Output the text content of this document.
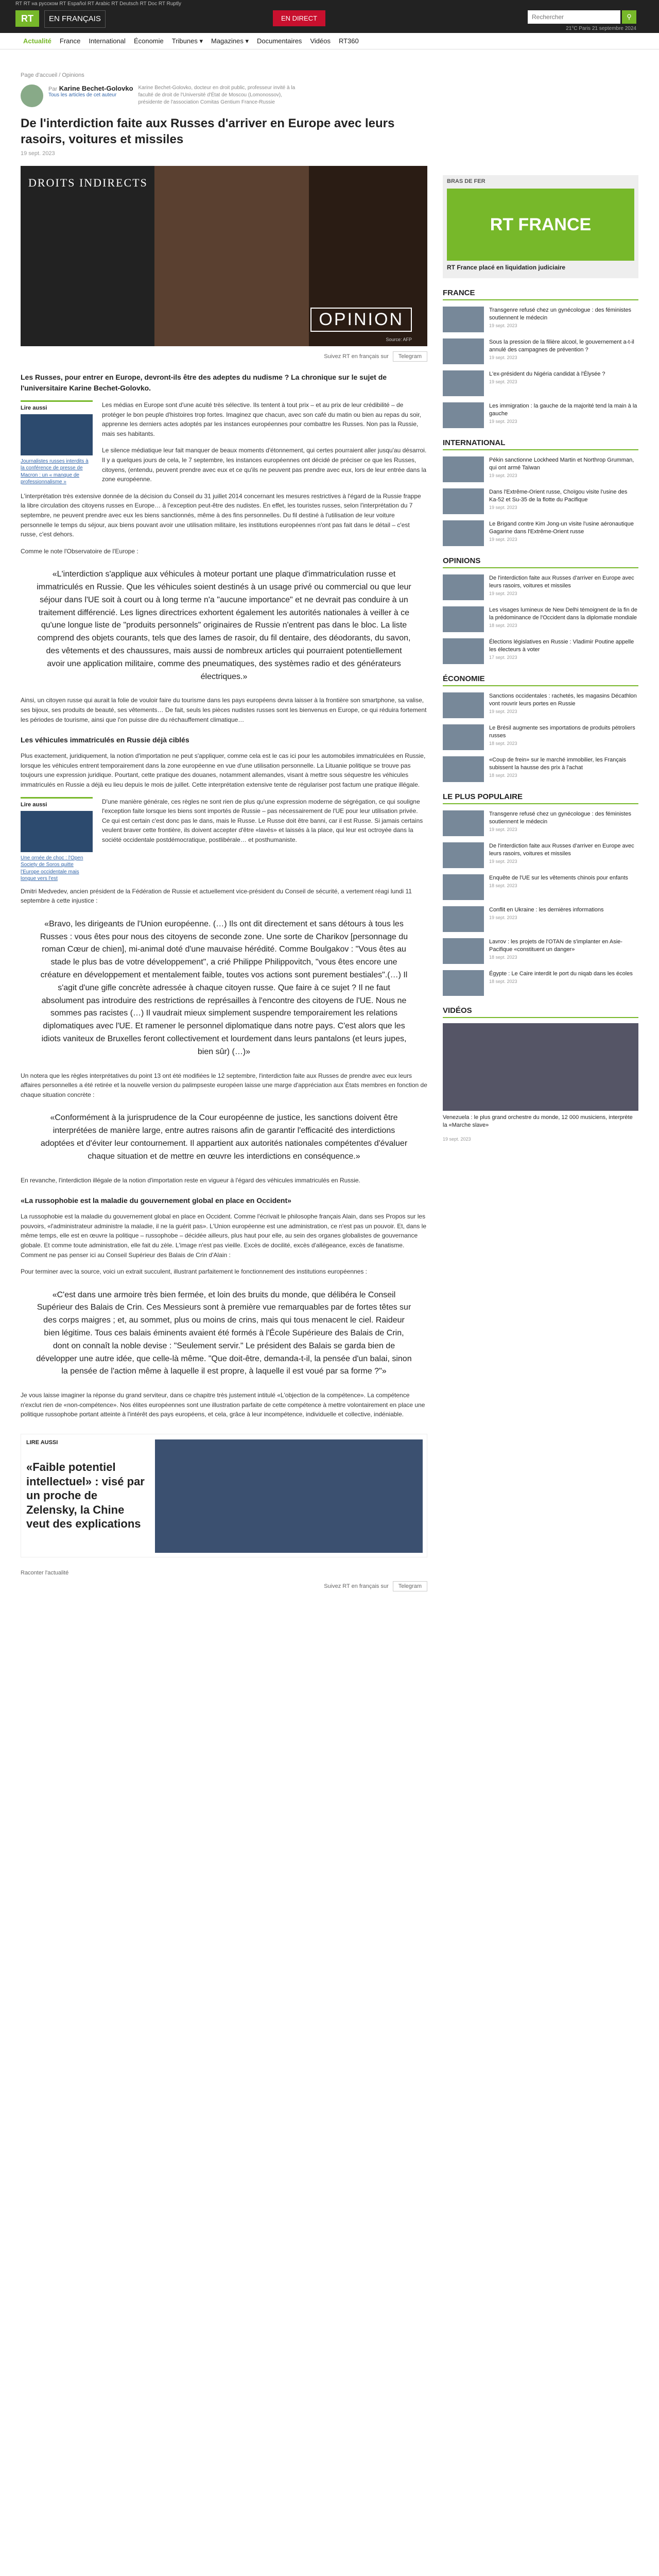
RT RT на русском RT Español RT Arabic RT Deutsch RT Doc RT Ruptly
RT	EN FRANÇAIS	EN DIRECT
Rechercher	⚲
21°C Paris 21 septembre 2024
Actualité France International Économie Tribunes ▾ Magazines ▾ Documentaires Vidéos RT360
Page d'accueil / Opinions
Par Karine Bechet-Golovko
Tous les articles de cet auteur
Karine Bechet-Golovko, docteur en droit public, professeur invité à la faculté de droit de l'Université d'État de Moscou (Lomonossov), présidente de l'association Comitas Gentium France-Russie
De l'interdiction faite aux Russes d'arriver en Europe avec leurs rasoirs, voitures et missiles
19 sept. 2023
DROITS INDIRECTS
OPINION
Source: AFP
Suivez RT en français sur	Telegram
Les Russes, pour entrer en Europe, devront-ils être des adeptes du nudisme ? La chronique sur le sujet de l'universitaire Karine Bechet-Golovko.
Lire aussi
Journalistes russes interdits à la conférence de presse de Macron : un « manque de professionnalisme »

Les médias en Europe sont d'une acuité très sélective. Ils tentent à tout prix – et au prix de leur crédibilité – de protéger le bon peuple d'histoires trop fortes. Imaginez que chacun, avec son café du matin ou bien au repas du soir, apprenne les derniers actes adoptés par les instances européennes pour combattre les Russes. Non pas la Russie, mais ses habitants.

Le silence médiatique leur fait manquer de beaux moments d'étonnement, qui certes pourraient aller jusqu'au désarroi. Il y a quelques jours de cela, le 7 septembre, les instances européennes ont décidé de préciser ce que les Russes, citoyens, (entendu, peuvent prendre avec eux et ce qu'ils ne peuvent pas prendre avec eux, lors de leur entrée dans la zone européenne.

L'interprétation très extensive donnée de la décision du Conseil du 31 juillet 2014 concernant les mesures restrictives à l'égard de la Russie frappe la libre circulation des citoyens russes en Europe… à l'exception peut-être des nudistes. En effet, les touristes russes, selon l'interprétation du 7 septembre, ne peuvent prendre avec eux les biens sanctionnés, même à des fins personnelles. Du fil destiné à l'utilisation de leur voiture personnelle le temps du séjour, aux biens pouvant avoir une utilisation militaire, les institutions européennes n'ont pas fait dans le détail – c'est russe, c'est dehors.

Comme le note l'Observatoire de l'Europe :

«L'interdiction s'applique aux véhicules à moteur portant une plaque d'immatriculation russe et immatriculés en Russie. Que les véhicules soient destinés à un usage privé ou commercial ou que leur séjour dans l'UE soit à court ou à long terme n'a "aucune importance" et ne devrait pas conduire à un traitement différencié. Les lignes directrices exhortent également les autorités nationales à veiller à ce qu'une longue liste de "produits personnels" originaires de Russie n'entrent pas dans le bloc. La liste comprend des objets courants, tels que des lames de rasoir, du fil dentaire, des déodorants, du savon, des vêtements et des chaussures, mais aussi de nombreux articles qui pourraient potentiellement avoir une application militaire, comme des pneumatiques, des systèmes radio et des générateurs électriques.»

Ainsi, un citoyen russe qui aurait la folie de vouloir faire du tourisme dans les pays européens devra laisser à la frontière son smartphone, sa valise, ses bijoux, ses produits de beauté, ses vêtements… De fait, seuls les pièces nudistes russes sont les bienvenus en Europe, ce qui réduira fortement les périodes de tourisme, ainsi que l'on puisse dire du réchauffement climatique…

Les véhicules immatriculés en Russie déjà ciblés

Plus exactement, juridiquement, la notion d'importation ne peut s'appliquer, comme cela est le cas ici pour les automobiles immatriculées en Russie, lorsque les véhicules entrent temporairement dans la zone européenne en vue d'une utilisation personnelle. La Lituanie politique se trouve pas toujours une expression juridique. Pourtant, cette pratique des douanes, notamment allemandes, visant à mettre sous séquestre les véhicules immatriculés en Russie a déjà eu lieu depuis le mois de juillet. Cette interprétation extensive tente de régulariser post factum une pratique illégale.

Lire aussi
Une ornée de choc : l'Open Society de Soros quitte l'Europe occidentale mais longue vers l'est

D'une manière générale, ces règles ne sont rien de plus qu'une expression moderne de ségrégation, ce qui souligne l'exception faite lorsque les biens sont importés de Russie – pas nécessairement de l'UE pour leur utilisation privée. Ce qui est certain c'est donc pas le dans, mais le Russe. Le Russe doit être banni, car il est Russe. Si jamais certains veulent braver cette frontière, ils doivent accepter d'être «lavés» et laissés à la place, qui leur est octroyée dans la société occidentale postdémocratique, postlibérale… et posthumaniste.

Dmitri Medvedev, ancien président de la Fédération de Russie et actuellement vice-président du Conseil de sécurité, a vertement réagi lundi 11 septembre à cette injustice :

«Bravo, les dirigeants de l'Union européenne. (…) Ils ont dit directement et sans détours à tous les Russes : vous êtes pour nous des citoyens de seconde zone. Une sorte de Charikov [personnage du roman Cœur de chien], mi-animal doté d'une mauvaise hérédité. Comme Boulgakov : "Vous êtes au stade le plus bas de votre développement", a crié Philippe Philippovitch, "vous êtes encore une créature en développement et mentalement faible, toutes vos actions sont purement bestiales".(…) Il s'agit d'une gifle concrète adressée à chaque citoyen russe. Que faire à ce sujet ? Il ne faut absolument pas introduire des restrictions de représailles à l'encontre des citoyens de l'UE. Nous ne sommes pas racistes (…) Il vaudrait mieux simplement suspendre temporairement les relations diplomatiques avec l'UE. Et ramener le personnel diplomatique dans notre pays. C'est alors que les idiots vaniteux de Bruxelles feront collectivement et lourdement dans leurs pantalons (et leurs jupes, bien sûr) (…)»

Un notera que les règles interprétatives du point 13 ont été modifiées le 12 septembre, l'interdiction faite aux Russes de prendre avec eux leurs affaires personnelles a été retirée et la nouvelle version du palimpseste européen laisse une marge d'appréciation aux États membres en fonction de chaque situation concrète :

«Conformément à la jurisprudence de la Cour européenne de justice, les sanctions doivent être interprétées de manière large, entre autres raisons afin de garantir l'efficacité des interdictions adoptées et d'éviter leur contournement. Il appartient aux autorités nationales compétentes d'évaluer chaque situation et de mettre en œuvre les interdictions en conséquence.»

En revanche, l'interdiction illégale de la notion d'importation reste en vigueur à l'égard des véhicules immatriculés en Russie.

«La russophobie est la maladie du gouvernement global en place en Occident»

La russophobie est la maladie du gouvernement global en place en Occident. Comme l'écrivait le philosophe français Alain, dans ses Propos sur les pouvoirs, «l'administrateur administre la maladie, il ne la guérit pas». L'Union européenne est une administration, ce n'est pas un pouvoir. Et, dans le même temps, elle est en œuvre la politique – russophobe – décidée ailleurs, plus haut pour elle, au sein des organes globalistes de gouvernance globale. Et comme toute administration, elle fait du zèle. L'image n'est pas vieille. Excès de docilité, excès d'allégeance, excès de fanatisme. Comment ne pas penser ici au Conseil Supérieur des Balais de Crin d'Alain :

Pour terminer avec la source, voici un extrait succulent, illustrant parfaitement le fonctionnement des institutions européennes :

«C'est dans une armoire très bien fermée, et loin des bruits du monde, que délibéra le Conseil Supérieur des Balais de Crin. Ces Messieurs sont à première vue remarquables par de fortes têtes sur des corps maigres ; et, au sommet, plus ou moins de crins, mais qui tous menacent le ciel. Raideur bien légitime. Tous ces balais éminents avaient été formés à l'École Supérieure des Balais de Crin, dont on connaît la noble devise : "Seulement servir." Le président des Balais se garda bien de développer une autre idée, que celle-là même. "Que doit-être, demanda-t-il, la pensée d'un balai, sinon la pensée de l'action même à laquelle il est propre, à laquelle il est voué par sa forme ?"»

Je vous laisse imaginer la réponse du grand serviteur, dans ce chapitre très justement intitulé «L'objection de la compétence». La compétence n'exclut rien de «non-compétence». Nos élites européennes sont une illustration parfaite de cette compétence à mettre volontairement en place une politique russophobe portant atteinte à l'intérêt des pays européens, et cela, grâce à leur incompétence, individuelle et collective, indéniable.

LIRE AUSSI
«Faible potentiel intellectuel» : visé par un proche de Zelensky, la Chine veut des explications
Raconter l'actualité
Suivez RT en français sur	Telegram
BRAS DE FER
RT FRANCE
RT France placé en liquidation judiciaire
FRANCE
Transgenre refusé chez un gynécologue : des féministes soutiennent le médecin
19 sept. 2023
Sous la pression de la filière alcool, le gouvernement a-t-il annulé des campagnes de prévention ?
19 sept. 2023
L'ex-président du Nigéria candidat à l'Élysée ?
19 sept. 2023
Les immigration : la gauche de la majorité tend la main à la gauche
19 sept. 2023
INTERNATIONAL
Pékin sanctionne Lockheed Martin et Northrop Grumman, qui ont armé Taïwan
19 sept. 2023
Dans l'Extrême-Orient russe, Choïgou visite l'usine des Kа-52 et Su-35 de la flotte du Pacifique
19 sept. 2023
Le Brigand contre Kim Jong-un visite l'usine aéronautique Gagarine dans l'Extrême-Orient russe
19 sept. 2023
OPINIONS
De l'interdiction faite aux Russes d'arriver en Europe avec leurs rasoirs, voitures et missiles
19 sept. 2023
Les visages lumineux de New Delhi témoignent de la fin de la prédominance de l'Occident dans la diplomatie mondiale
18 sept. 2023
Élections législatives en Russie : Vladimir Poutine appelle les électeurs à voter
17 sept. 2023
ÉCONOMIE
Sanctions occidentales : rachetés, les magasins Décathlon vont rouvrir leurs portes en Russie
19 sept. 2023
Le Brésil augmente ses importations de produits pétroliers russes
18 sept. 2023
«Coup de frein» sur le marché immobilier, les Français subissent la hausse des prix à l'achat
18 sept. 2023
LE PLUS POPULAIRE
Transgenre refusé chez un gynécologue : des féministes soutiennent le médecin
19 sept. 2023
De l'interdiction faite aux Russes d'arriver en Europe avec leurs rasoirs, voitures et missiles
19 sept. 2023
Enquête de l'UE sur les vêtements chinois pour enfants
18 sept. 2023
Conflit en Ukraine : les dernières informations
19 sept. 2023
Lavrov : les projets de l'OTAN de s'implanter en Asie-Pacifique «constituent un danger»
18 sept. 2023
Égypte : Le Caire interdit le port du niqab dans les écoles
18 sept. 2023
VIDÉOS
Venezuela : le plus grand orchestre du monde, 12 000 musiciens, interprète la «Marche slave»
19 sept. 2023
